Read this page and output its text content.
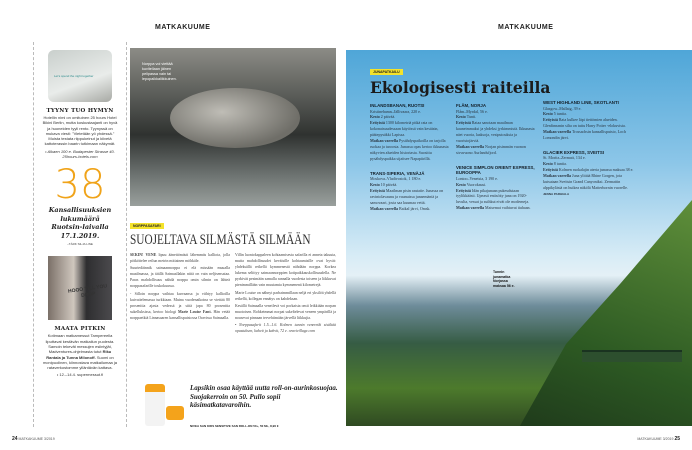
MATKAKUUME	MATKAKUUME
Let's spend the night together
TYYNY TUO HYMYN
Hotellin nimi on omituinen 25 hours Hotel Bikini Berlin, mutta koskustaajanti on hyvä ja huoneiden tyyli rento. Tyynyssä on mukava viesti: "Vietetään yö yhdessä." Muista testata riippukeinut ja kiivetä kattoterassin baarin tutkimaan näkymät.
• Alkaen 100 e. Budapester Strasse 40. 25hours-hotels.com
38
Kansallisuuksien lukumäärä Ruotsin-laivalla 17.1.2019.
–TÄRK SILJA LINE
HOOO TILL YOU DROP
MAATA PITKIN
Kotimaan matkamessut Tampereella liputtavat kestävän matkailun puolesta. Samoin tekevät messujen esiintyjät, Madventures-ohjelmasta tutut Riku Rantala ja Tunna Milonoff. Suomi on monipuolinen, kiinnostava matkailumaa ja rataverkostomme ylläntävän kattava.
• 12.–14.4. supermessut.fi
Norppa voi viettää kuvitellaan jäinen pelipassa vain tai lepopaikkaliikkuinen.
NORPPASAFARI
SUOJELTAVA SILMÄSTÄ SILMÄÄN

SEKIN! VENE lipuu äänettömästi lähemmäs kalliota, jolla pötköttelee reilun metrin mittainen möhkäle.

Suuriedäinnik saimaannorppa ei elä missään muualla maailmassa, ja täällä Saimaallakin niitä on vain neljisensataa. Paras mahdollisuus nähdä norppa omin silmin on lähteä norppasafarille toukokuussa.

- Silloin norppa vaihtaa karvaansa ja viihtyy kallioilla kuivattelemassa turkkiaan. Muina vuodenaikoina se viettää 80 prosenttia ajasta vedessä ja siitä japa 80 prosenttia sukelluksissa, kertoo biologi Marie Louise Fant. Hän vetää norppaetkiä Linnasaaren kansallispuistossa Oravissa Saimaalla.

Villin luontokappaleen kohtaamisesta safarilla ei anneta takuuta, mutta mahdollisuudet keväisille kohtaamisille ovat hyvät: yhdeksällä retkellä kymmenestä nähdään norppa. Korkea lukema selittyy saimaannorppien kotipaikkauskollisuudella. Ne pyrkivät pesimään samalla rannalla vuodesta toiseen ja liikkuvat pienimmillään vain muutamia kymmenenä kilometrejä.

Marie Louise on nähnyt parhaimmillaan neljä eri yksilöä yhdellä retkellä, kollegan ennätys on kahdeksan.

Kesällä Saimaalla veneilevä voi porkaista omii leikkiään norpan muotoisen. Rohkeimmat norpat sukeltelevat veneen ympärillä ja nousevat pinnaan tervehtimään järvellä liikkujia.

• Norppasafarit 1.5.–1.6. Kolmen tunnin veneretki sisältää opastuksen, kahvit ja kahvit, 72 e. oravivillage.com

Lapsikin osaa käyttää uutta roll-on-aurinkosuojaa. Suojakerroin on 50. Pullo sopii käsimatkatavaroihin.
NIVEA SAN KIDS SENSITIVE SAN ROLL-ON 50+, 50 ML, 8,90 €
24 MATKAKUUME 3/2019	MATKAKUUME 3/2019 25
JUNAPATKAILU
Ekologisesti raiteilla
INLANDSBANAN, RUOTSI
Kristinehamn–Jällivaara, 220 e.
Kesto 2 päivää.
Erityistä 1300 kilometriä pitkä rata on kokonaisuudessaan käytössä vain kesäisin, päätepysäkki Lapissa.
Matkan varrella Pysähdyspaikoilla on tarjolla ruokaa ja taroosta. Junassa opas kertoo ikkunasta näkyvien alueiden historiasta. Suosittu pysähdyspaikka sijaitsee Napapiirillä.
TRANS-SIPERIA, VENÄJÄ
Moskova–Vladivostok, 1 180 e.
Kesto 10 päivää.
Erityistä Maailman pisin rautatie. Junassa on ravintolavaunu ja vaunuissa junaemäntä ja samovaari, josta saa kuumaa vettä.
Matkan varrella Baikal järvi, Omsk.
FLÅM, NORJA
Flåm–Myrdal, 56 e.
Kesto Tunti.
Erityistä Rataa sanotaan maailman kauneimmaksi ja yhdeksi jyrkimmistä. Ikkunasta näet vuoria, laaksoja, vesiputouksia ja vuoristojärviä.
Matkan varrella Norjan pisimmän vuonon sivuvuono Aurlandsfjord.
VENICE SIMPLON ORIENT EXPRESS, EUROOPPA
Lontoo–Venetsia, 3 190 e.
Kesto Vuorokausi.
Erityistä Idän pikajunaan pukeudutaan tyylikkäästi. Upeasti entisöity juna on 1920-luvulta, vessat ja suihkut eivät ole moderneja.
Matkan varrella Maisemat vaihtuvat tiuhaan.
WEST HIGHLAND LINE, SKOTLANTI
Glasgow–Mallaig, 39 e.
Kesto 5 tuntia.
Erityistä Rata kulkee läpi tiettömien alueiden. Glenfinnanin silta on tuttu Harry Potter -elokuvista.
Matkan varrella Trossachsin kansallispuisto, Loch Lomondin järvi.
GLACIER EXPRESS, SVEITSI
St. Moritz–Zermatt, 134 e.
Kesto 8 tuntia.
Erityistä Kolmen ruokalajin ateria junassa maksaa 38 e.
Matkan varrella Juna ylittää Rhine Gorgen, jota kutsutaan Sveitsin Grand Canyoniksi. Zermattin alppikylästä on huikea näkölä Matterhornin vuorelle.
JENNA PARHIALA
Tunnin junamatka Norjassa maksaa 56 e.
